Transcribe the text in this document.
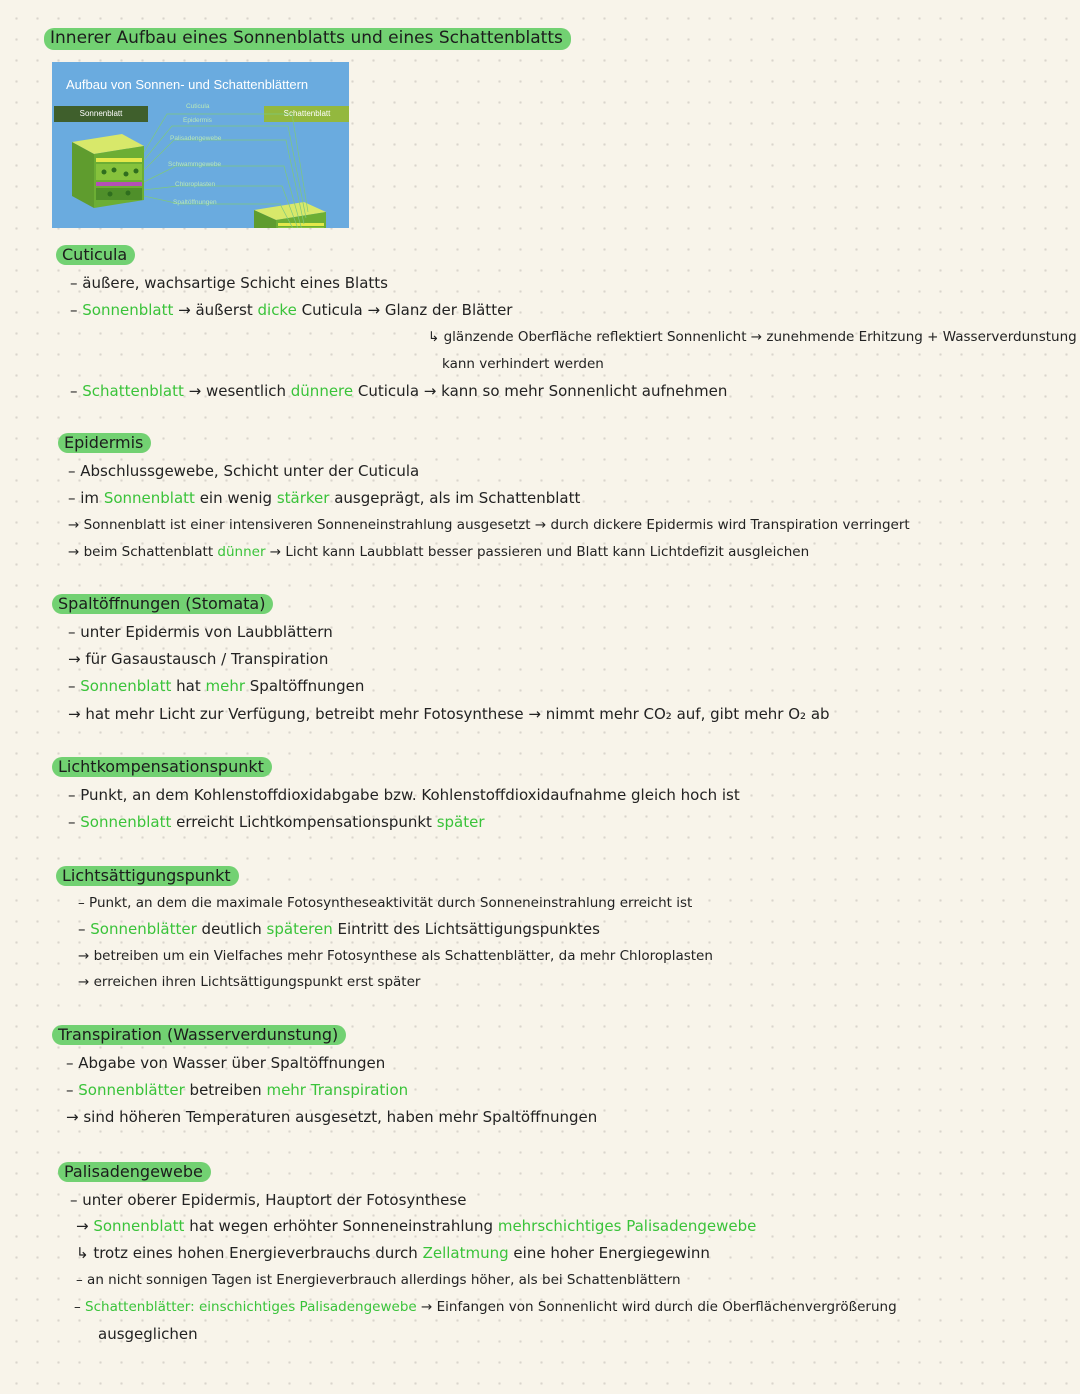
Innerer Aufbau eines Sonnenblatts und eines Schattenblatts
Aufbau von Sonnen- und Schattenblättern
Sonnenblatt	Schattenblatt
Cuticula
Epidermis
Palisadengewebe
Schwammgewebe
Chloroplasten
Spaltöffnungen
Cuticula
– äußere, wachsartige Schicht eines Blatts
– Sonnenblatt → äußerst dicke Cuticula → Glanz der Blätter
↳ glänzende Oberfläche reflektiert Sonnenlicht → zunehmende Erhitzung + Wasserverdunstung
kann verhindert werden
– Schattenblatt → wesentlich dünnere Cuticula → kann so mehr Sonnenlicht aufnehmen
Epidermis
– Abschlussgewebe, Schicht unter der Cuticula
– im Sonnenblatt ein wenig stärker ausgeprägt, als im Schattenblatt
→ Sonnenblatt ist einer intensiveren Sonneneinstrahlung ausgesetzt → durch dickere Epidermis wird Transpiration verringert
→ beim Schattenblatt dünner → Licht kann Laubblatt besser passieren und Blatt kann Lichtdefizit ausgleichen
Spaltöffnungen (Stomata)
– unter Epidermis von Laubblättern
→ für Gasaustausch / Transpiration
– Sonnenblatt hat mehr Spaltöffnungen
→ hat mehr Licht zur Verfügung, betreibt mehr Fotosynthese → nimmt mehr CO₂ auf, gibt mehr O₂ ab
Lichtkompensationspunkt
– Punkt, an dem Kohlenstoffdioxidabgabe bzw. Kohlenstoffdioxidaufnahme gleich hoch ist
– Sonnenblatt erreicht Lichtkompensationspunkt später
Lichtsättigungspunkt
– Punkt, an dem die maximale Fotosyntheseaktivität durch Sonneneinstrahlung erreicht ist
– Sonnenblätter deutlich späteren Eintritt des Lichtsättigungspunktes
→ betreiben um ein Vielfaches mehr Fotosynthese als Schattenblätter, da mehr Chloroplasten
→ erreichen ihren Lichtsättigungspunkt erst später
Transpiration (Wasserverdunstung)
– Abgabe von Wasser über Spaltöffnungen
– Sonnenblätter betreiben mehr Transpiration
→ sind höheren Temperaturen ausgesetzt, haben mehr Spaltöffnungen
Palisadengewebe
– unter oberer Epidermis, Hauptort der Fotosynthese
→ Sonnenblatt hat wegen erhöhter Sonneneinstrahlung mehrschichtiges Palisadengewebe
↳ trotz eines hohen Energieverbrauchs durch Zellatmung eine hoher Energiegewinn
– an nicht sonnigen Tagen ist Energieverbrauch allerdings höher, als bei Schattenblättern
– Schattenblätter: einschichtiges Palisadengewebe → Einfangen von Sonnenlicht wird durch die Oberflächenvergrößerung
ausgeglichen
